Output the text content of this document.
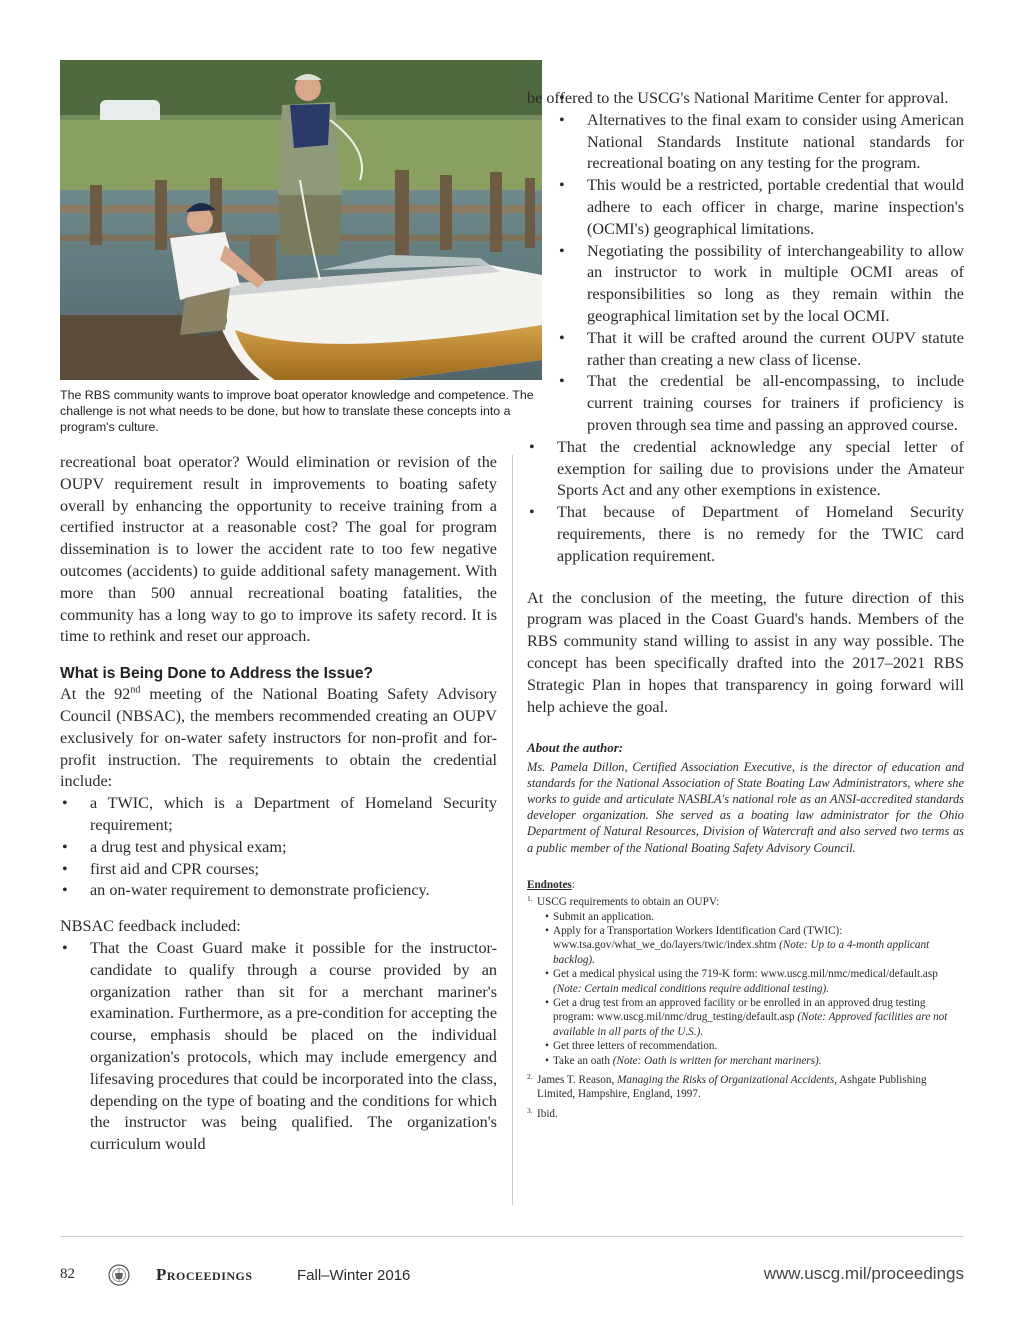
The RBS community wants to improve boat operator knowledge and competence. The challenge is not what needs to be done, but how to translate these concepts into a program's culture.

recreational boat operator? Would elimination or revision of the OUPV requirement result in improvements to boating safety overall by enhancing the opportunity to receive training from a certified instructor at a reasonable cost? The goal for program dissemination is to lower the accident rate to too few negative outcomes (accidents) to guide additional safety management. With more than 500 annual recreational boating fatalities, the community has a long way to go to improve its safety record. It is time to rethink and reset our approach.

What is Being Done to Address the Issue?

At the 92nd meeting of the National Boating Safety Advisory Council (NBSAC), the members recommended creating an OUPV exclusively for on-water safety instructors for non-profit and for-profit instruction. The requirements to obtain the credential include:

• a TWIC, which is a Department of Homeland Security requirement;
• a drug test and physical exam;
• first aid and CPR courses;
• an on-water requirement to demonstrate proficiency.

NBSAC feedback included:

• That the Coast Guard make it possible for the instructor-candidate to qualify through a course provided by an organization rather than sit for a merchant mariner's examination. Furthermore, as a pre-condition for accepting the course, emphasis should be placed on the individual organization's protocols, which may include emergency and lifesaving procedures that could be incorporated into the class, depending on the type of boating and the conditions for which the instructor was being qualified. The organization's curriculum would
• be offered to the USCG's National Maritime Center for approval.
• Alternatives to the final exam to consider using American National Standards Institute national standards for recreational boating on any testing for the program.
• This would be a restricted, portable credential that would adhere to each officer in charge, marine inspection's (OCMI's) geographical limitations.
• Negotiating the possibility of interchangeability to allow an instructor to work in multiple OCMI areas of responsibilities so long as they remain within the geographical limitation set by the local OCMI.
• That it will be crafted around the current OUPV statute rather than creating a new class of license.
• That the credential be all-encompassing, to include current training courses for trainers if proficiency is proven through sea time and passing an approved course.
• That the credential acknowledge any special letter of exemption for sailing due to provisions under the Amateur Sports Act and any other exemptions in existence.
• That because of Department of Homeland Security requirements, there is no remedy for the TWIC card application requirement.

At the conclusion of the meeting, the future direction of this program was placed in the Coast Guard's hands. Members of the RBS community stand willing to assist in any way possible. The concept has been specifically drafted into the 2017–2021 RBS Strategic Plan in hopes that transparency in going forward will help achieve the goal.

About the author:
Ms. Pamela Dillon, Certified Association Executive, is the director of education and standards for the National Association of State Boating Law Administrators, where she works to guide and articulate NASBLA's national role as an ANSI-accredited standards developer organization. She served as a boating law administrator for the Ohio Department of Natural Resources, Division of Watercraft and also served two terms as a public member of the National Boating Safety Advisory Council.
Endnotes:
1. USCG requirements to obtain an OUPV:
• Submit an application.
• Apply for a Transportation Workers Identification Card (TWIC): www.tsa.gov/what_we_do/layers/twic/index.shtm (Note: Up to a 4-month applicant backlog).
• Get a medical physical using the 719-K form: www.uscg.mil/nmc/medical/default.asp (Note: Certain medical conditions require additional testing).
• Get a drug test from an approved facility or be enrolled in an approved drug testing program: www.uscg.mil/nmc/drug_testing/default.asp (Note: Approved facilities are not available in all parts of the U.S.).
• Get three letters of recommendation.
• Take an oath (Note: Oath is written for merchant mariners).
2. James T. Reason, Managing the Risks of Organizational Accidents, Ashgate Publishing Limited, Hampshire, England, 1997.
3. Ibid.
82	Proceedings	Fall–Winter 2016	www.uscg.mil/proceedings
